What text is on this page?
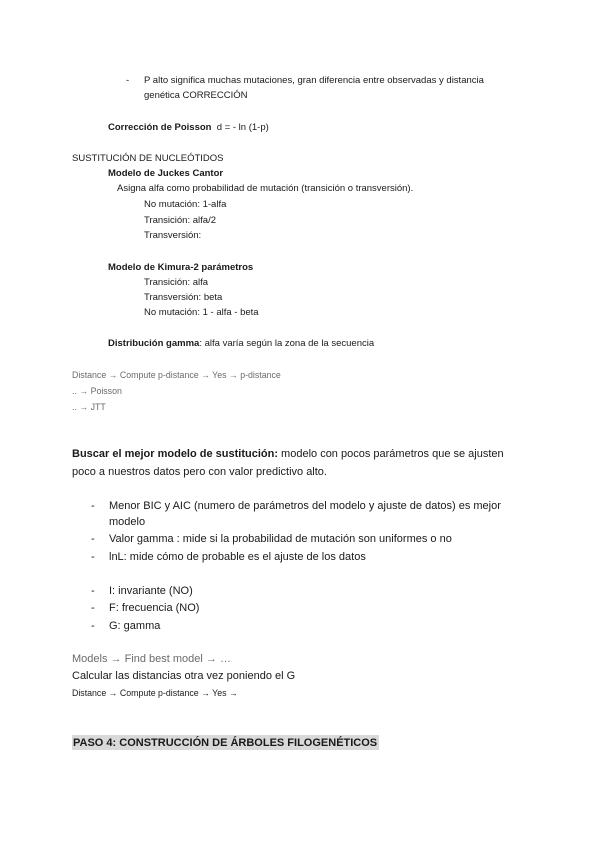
- P alto significa muchas mutaciones, gran diferencia entre observadas y distancia
genética CORRECCIÓN
Corrección de Poisson d = - ln (1-p)
SUSTITUCIÓN DE NUCLEÓTIDOS
Modelo de Juckes Cantor
Asigna alfa como probabilidad de mutación (transición o transversión).
No mutación: 1-alfa
Transición: alfa/2
Transversión:
Modelo de Kimura-2 parámetros
Transición: alfa
Transversión: beta
No mutación: 1 - alfa - beta
Distribución gamma: alfa varía según la zona de la secuencia
Distance → Compute p-distance → Yes → p-distance
.. → Poisson
.. → JTT
Buscar el mejor modelo de sustitución: modelo con pocos parámetros que se ajusten
poco a nuestros datos pero con valor predictivo alto.
- Menor BIC y AIC (numero de parámetros del modelo y ajuste de datos) es mejor
modelo
- Valor gamma : mide si la probabilidad de mutación son uniformes o no
- lnL: mide cómo de probable es el ajuste de los datos
- I: invariante (NO)
- F: frecuencia (NO)
- G: gamma
Models → Find best model → …
Calcular las distancias otra vez poniendo el G
Distance → Compute p-distance → Yes →
PASO 4: CONSTRUCCIÓN DE ÁRBOLES FILOGENÉTICOS
